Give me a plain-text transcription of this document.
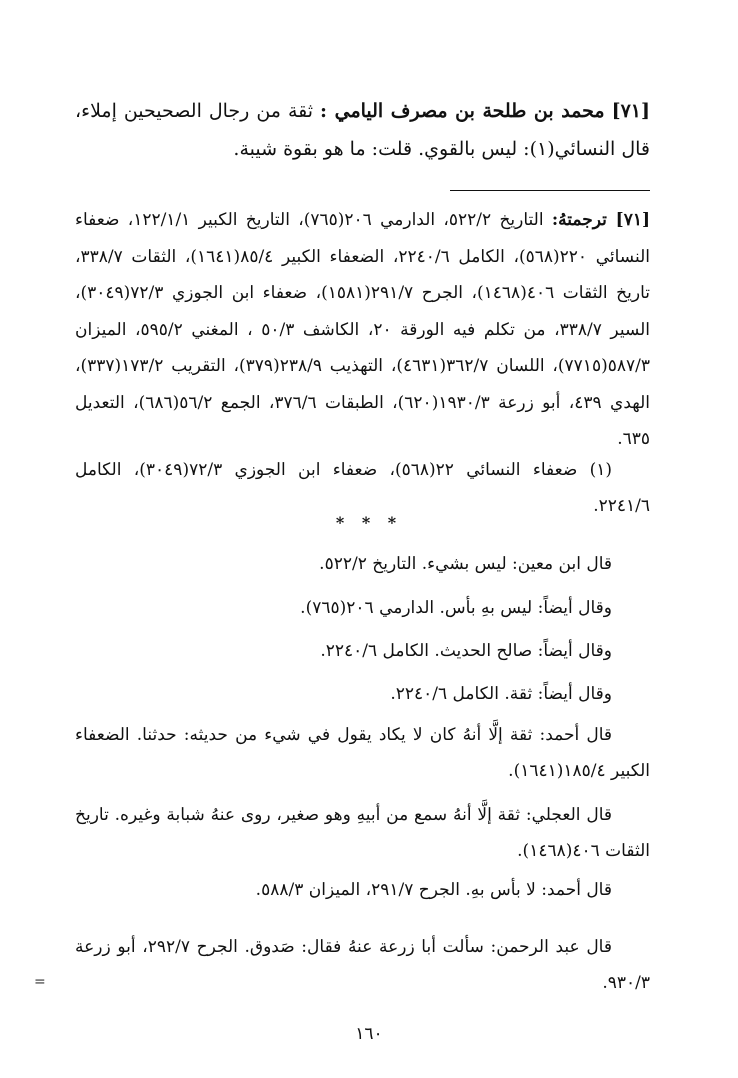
[٧١] محمد بن طلحة بن مصرف اليامي : ثقة من رجال الصحيحين إملاء، قال النسائي(١): ليس بالقوي. قلت: ما هو بقوة شيبة.
[٧١] ترجمتهُ: التاريخ ٥٢٢/٢، الدارمي ٢٠٦(٧٦٥)، التاريخ الكبير ١٢٢/١/١، ضعفاء النسائي ٢٢٠(٥٦٨)، الكامل ٢٢٤٠/٦، الضعفاء الكبير ٨٥/٤(١٦٤١)، الثقات ٣٣٨/٧، تاريخ الثقات ٤٠٦(١٤٦٨)، الجرح ٢٩١/٧(١٥٨١)، ضعفاء ابن الجوزي ٧٢/٣(٣٠٤٩)، السير ٣٣٨/٧، من تكلم فيه الورقة ٢٠، الكاشف ٥٠/٣ ، المغني ٥٩٥/٢، الميزان ٥٨٧/٣(٧٧١٥)، اللسان ٣٦٢/٧(٤٦٣١)، التهذيب ٢٣٨/٩(٣٧٩)، التقريب ١٧٣/٢(٣٣٧)، الهدي ٤٣٩، أبو زرعة ١٩٣٠/٣(٦٢٠)، الطبقات ٣٧٦/٦، الجمع ٥٦/٢(٦٨٦)، التعديل ٦٣٥.
(١) ضعفاء النسائي ٢٢(٥٦٨)، ضعفاء ابن الجوزي ٧٢/٣(٣٠٤٩)، الكامل ٢٢٤١/٦.
* * *
قال ابن معين: ليس بشيء. التاريخ ٥٢٢/٢.
وقال أيضاً: ليس بهِ بأس. الدارمي ٢٠٦(٧٦٥).
وقال أيضاً: صالح الحديث. الكامل ٢٢٤٠/٦.
وقال أيضاً: ثقة. الكامل ٢٢٤٠/٦.
قال أحمد: ثقة إلَّا أنهُ كان لا يكاد يقول في شيء من حديثه: حدثنا. الضعفاء الكبير ١٨٥/٤(١٦٤١).
قال العجلي: ثقة إلَّا أنهُ سمع من أبيهِ وهو صغير، روى عنهُ شبابة وغيره. تاريخ الثقات ٤٠٦(١٤٦٨).
قال أحمد: لا بأس بهِ. الجرح ٢٩١/٧، الميزان ٥٨٨/٣.
قال عبد الرحمن: سألت أبا زرعة عنهُ فقال: صَدوق. الجرح ٢٩٢/٧، أبو زرعة ٩٣٠/٣.
=
١٦٠
